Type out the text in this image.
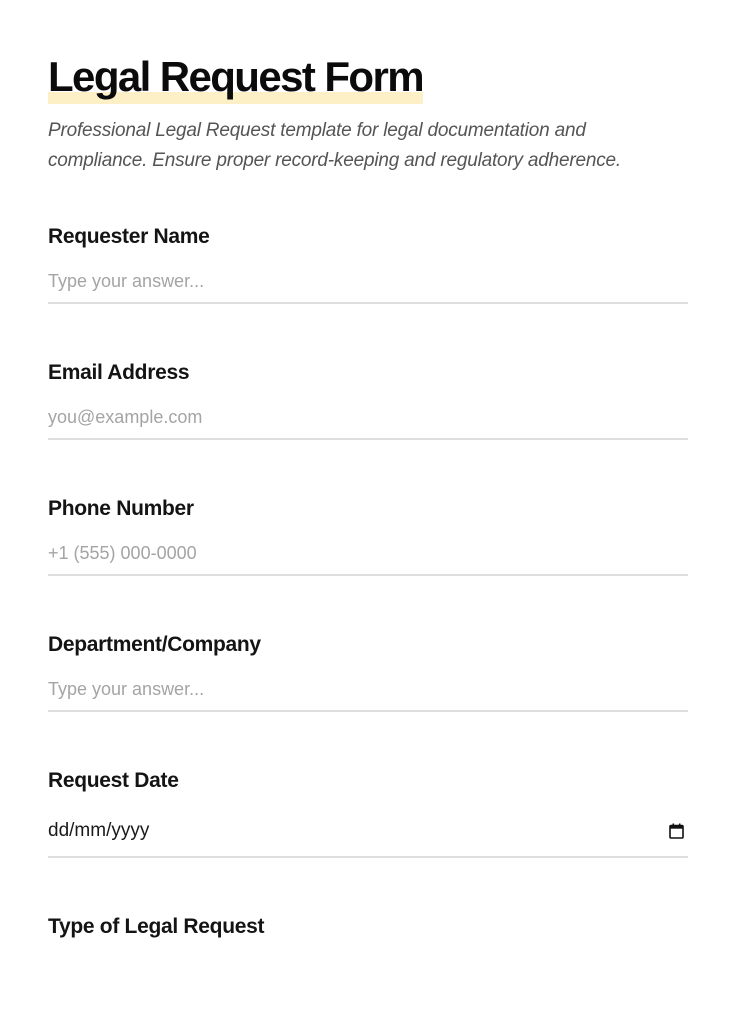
Legal Request Form

Professional Legal Request template for legal documentation and
compliance. Ensure proper record-keeping and regulatory adherence.

Requester Name
Type your answer...
Email Address
you@example.com
Phone Number
+1 (555) 000-0000
Department/Company
Type your answer...
Request Date
dd/mm/yyyy
Type of Legal Request
